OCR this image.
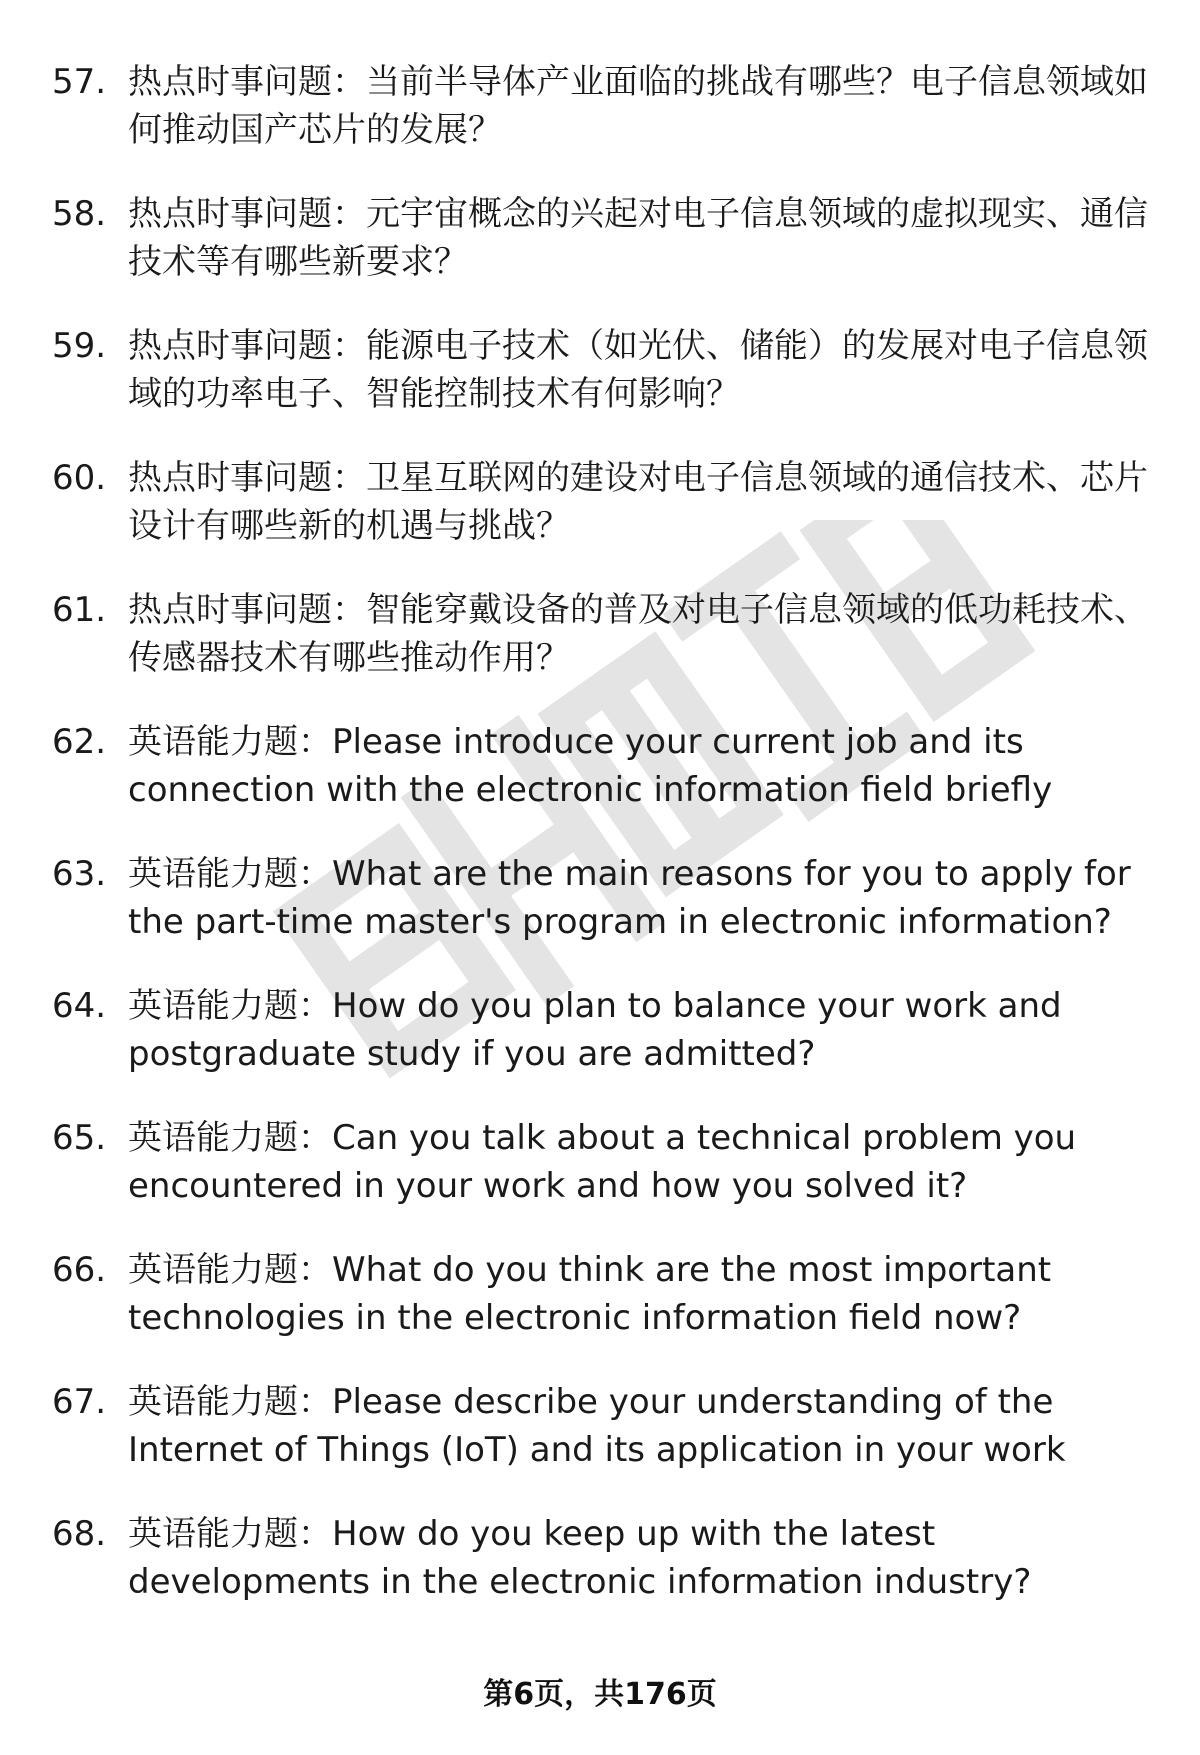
57. 热点时事问题：当前半导体产业面临的挑战有哪些？电子信息领域如何推动国产芯片的发展？
58. 热点时事问题：元宇宙概念的兴起对电子信息领域的虚拟现实、通信技术等有哪些新要求？
59. 热点时事问题：能源电子技术（如光伏、储能）的发展对电子信息领域的功率电子、智能控制技术有何影响？
60. 热点时事问题：卫星互联网的建设对电子信息领域的通信技术、芯片设计有哪些新的机遇与挑战？
61. 热点时事问题：智能穿戴设备的普及对电子信息领域的低功耗技术、传感器技术有哪些推动作用？
62. 英语能力题：Please introduce your current job and its connection with the electronic information field briefly
63. 英语能力题：What are the main reasons for you to apply for the part-time master's program in electronic information?
64. 英语能力题：How do you plan to balance your work and postgraduate study if you are admitted?
65. 英语能力题：Can you talk about a technical problem you encountered in your work and how you solved it?
66. 英语能力题：What do you think are the most important technologies in the electronic information field now?
67. 英语能力题：Please describe your understanding of the Internet of Things (IoT) and its application in your work
68. 英语能力题：How do you keep up with the latest developments in the electronic information industry?
第6页，共176页
